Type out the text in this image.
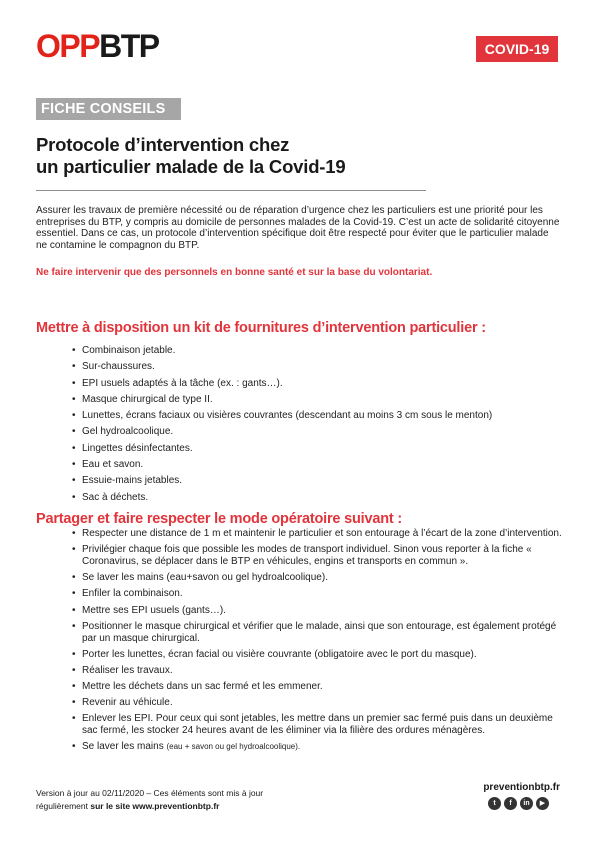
OPPBTP	COVID-19
FICHE CONSEILS
Protocole d’intervention chez
un particulier malade de la Covid-19

Assurer les travaux de première nécessité ou de réparation d’urgence chez les particuliers est une priorité pour les entreprises du BTP, y compris au domicile de personnes malades de la Covid-19. C’est un acte de solidarité citoyenne essentiel. Dans ce cas, un protocole d’intervention spécifique doit être respecté pour éviter que le particulier malade ne contamine le compagnon du BTP.

Ne faire intervenir que des personnels en bonne santé et sur la base du volontariat.

Mettre à disposition un kit de fournitures d’intervention particulier :
• Combinaison jetable.
• Sur-chaussures.
• EPI usuels adaptés à la tâche (ex. : gants…).
• Masque chirurgical de type II.
• Lunettes, écrans faciaux ou visières couvrantes (descendant au moins 3 cm sous le menton)
• Gel hydroalcoolique.
• Lingettes désinfectantes.
• Eau et savon.
• Essuie-mains jetables.
• Sac à déchets.
Partager et faire respecter le mode opératoire suivant :
• Respecter une distance de 1 m et maintenir le particulier et son entourage à l’écart de la zone d’intervention.
• Privilégier chaque fois que possible les modes de transport individuel. Sinon vous reporter à la fiche « Coronavirus, se déplacer dans le BTP en véhicules, engins et transports en commun ».
• Se laver les mains (eau+savon ou gel hydroalcoolique).
• Enfiler la combinaison.
• Mettre ses EPI usuels (gants…).
• Positionner le masque chirurgical et vérifier que le malade, ainsi que son entourage, est également protégé par un masque chirurgical.
• Porter les lunettes, écran facial ou visière couvrante (obligatoire avec le port du masque).
• Réaliser les travaux.
• Mettre les déchets dans un sac fermé et les emmener.
• Revenir au véhicule.
• Enlever les EPI. Pour ceux qui sont jetables, les mettre dans un premier sac fermé puis dans un deuxième sac fermé, les stocker 24 heures avant de les éliminer via la filière des ordures ménagères.
• Se laver les mains (eau + savon ou gel hydroalcoolique).
Version à jour au 02/11/2020 – Ces éléments sont mis à jour
régulièrement sur le site www.preventionbtp.fr
preventionbtp.fr
t	f	in	▶
